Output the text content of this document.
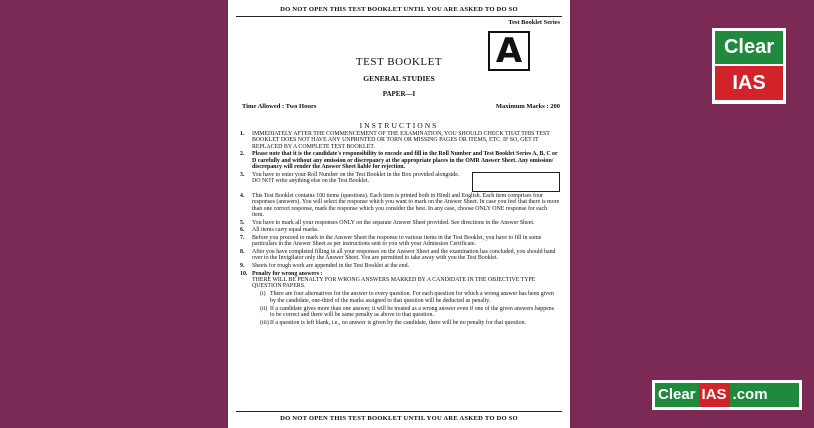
DO NOT OPEN THIS TEST BOOKLET UNTIL YOU ARE ASKED TO DO SO
Test Booklet Series
A
TEST BOOKLET
GENERAL STUDIES
PAPER—I
Time Allowed : Two Hours	Maximum Marks : 200
INSTRUCTIONS
1.	IMMEDIATELY AFTER THE COMMENCEMENT OF THE EXAMINATION, YOU SHOULD CHECK THAT THIS TEST BOOKLET DOES NOT HAVE ANY UNPRINTED OR TORN OR MISSING PAGES OR ITEMS, ETC. IF SO, GET IT REPLACED BY A COMPLETE TEST BOOKLET.
2.	Please note that it is the candidate's responsibility to encode and fill in the Roll Number and Test Booklet Series A, B, C or D carefully and without any omission or discrepancy at the appropriate places in the OMR Answer Sheet. Any omission/ discrepancy will render the Answer Sheet liable for rejection.
3.	You have to enter your Roll Number on the Test Booklet in the Box provided alongside. DO NOT write anything else on the Test Booklet.
4.	This Test Booklet contains 100 items (questions). Each item is printed both in Hindi and English. Each item comprises four responses (answers). You will select the response which you want to mark on the Answer Sheet. In case you feel that there is more than one correct response, mark the response which you consider the best. In any case, choose ONLY ONE response for each item.
5.	You have to mark all your responses ONLY on the separate Answer Sheet provided. See directions in the Answer Sheet.
6.	All items carry equal marks.
7.	Before you proceed to mark in the Answer Sheet the response to various items in the Test Booklet, you have to fill in some particulars in the Answer Sheet as per instructions sent to you with your Admission Certificate.
8.	After you have completed filling in all your responses on the Answer Sheet and the examination has concluded, you should hand over to the Invigilator only the Answer Sheet. You are permitted to take away with you the Test Booklet.
9.	Sheets for rough work are appended in the Test Booklet at the end.
10. Penalty for wrong answers :
THERE WILL BE PENALTY FOR WRONG ANSWERS MARKED BY A CANDIDATE IN THE OBJECTIVE TYPE QUESTION PAPERS.
(i) There are four alternatives for the answer to every question. For each question for which a wrong answer has been given by the candidate, one-third of the marks assigned to that question will be deducted as penalty.
(ii) If a candidate gives more than one answer, it will be treated as a wrong answer even if one of the given answers happens to be correct and there will be same penalty as above to that question.
(iii) If a question is left blank, i.e., no answer is given by the candidate, there will be no penalty for that question.
DO NOT OPEN THIS TEST BOOKLET UNTIL YOU ARE ASKED TO DO SO
Clear
IAS
Clear IAS .com
